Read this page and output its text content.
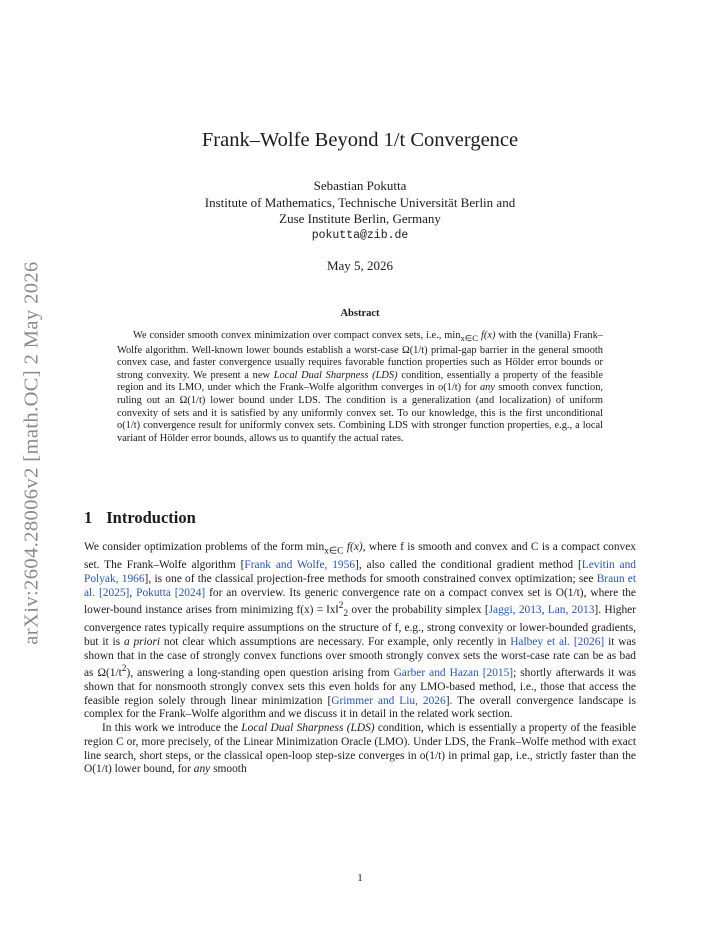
arXiv:2604.28006v2 [math.OC] 2 May 2026
Frank–Wolfe Beyond 1/t Convergence
Sebastian Pokutta
Institute of Mathematics, Technische Universität Berlin and
Zuse Institute Berlin, Germany
pokutta@zib.de
May 5, 2026
Abstract

We consider smooth convex minimization over compact convex sets, i.e., $\min_{x\in C} f(x)$ with the (vanilla) Frank–Wolfe algorithm. Well-known lower bounds establish a worst-case Ω(1/t) primal-gap barrier in the general smooth convex case, and faster convergence usually requires favorable function properties such as Hölder error bounds or strong convexity. We present a new Local Dual Sharpness (LDS) condition, essentially a property of the feasible region and its LMO, under which the Frank–Wolfe algorithm converges in o(1/t) for any smooth convex function, ruling out an Ω(1/t) lower bound under LDS. The condition is a generalization (and localization) of uniform convexity of sets and it is satisfied by any uniformly convex set. To our knowledge, this is the first unconditional o(1/t) convergence result for uniformly convex sets. Combining LDS with stronger function properties, e.g., a local variant of Hölder error bounds, allows us to quantify the actual rates.

1 Introduction

We consider optimization problems of the form $\min_{x\in C} f(x)$, where f is smooth and convex and C is a compact convex set. The Frank–Wolfe algorithm [Frank and Wolfe, 1956], also called the conditional gradient method [Levitin and Polyak, 1966], is one of the classical projection-free methods for smooth constrained convex optimization; see Braun et al. [2025], Pokutta [2024] for an overview. Its generic convergence rate on a compact convex set is O(1/t), where the lower-bound instance arises from minimizing f(x) = ‖x‖$^2_2$ over the probability simplex [Jaggi, 2013, Lan, 2013]. Higher convergence rates typically require assumptions on the structure of f, e.g., strong convexity or lower-bounded gradients, but it is a priori not clear which assumptions are necessary. For example, only recently in Halbey et al. [2026] it was shown that in the case of strongly convex functions over smooth strongly convex sets the worst-case rate can be as bad as $\Omega(1/t^2)$, answering a long-standing open question arising from Garber and Hazan [2015]; shortly afterwards it was shown that for nonsmooth strongly convex sets this even holds for any LMO-based method, i.e., those that access the feasible region solely through linear minimization [Grimmer and Liu, 2026]. The overall convergence landscape is complex for the Frank–Wolfe algorithm and we discuss it in detail in the related work section.

In this work we introduce the Local Dual Sharpness (LDS) condition, which is essentially a property of the feasible region C or, more precisely, of the Linear Minimization Oracle (LMO). Under LDS, the Frank–Wolfe method with exact line search, short steps, or the classical open-loop step-size converges in o(1/t) in primal gap, i.e., strictly faster than the O(1/t) lower bound, for any smooth

1
